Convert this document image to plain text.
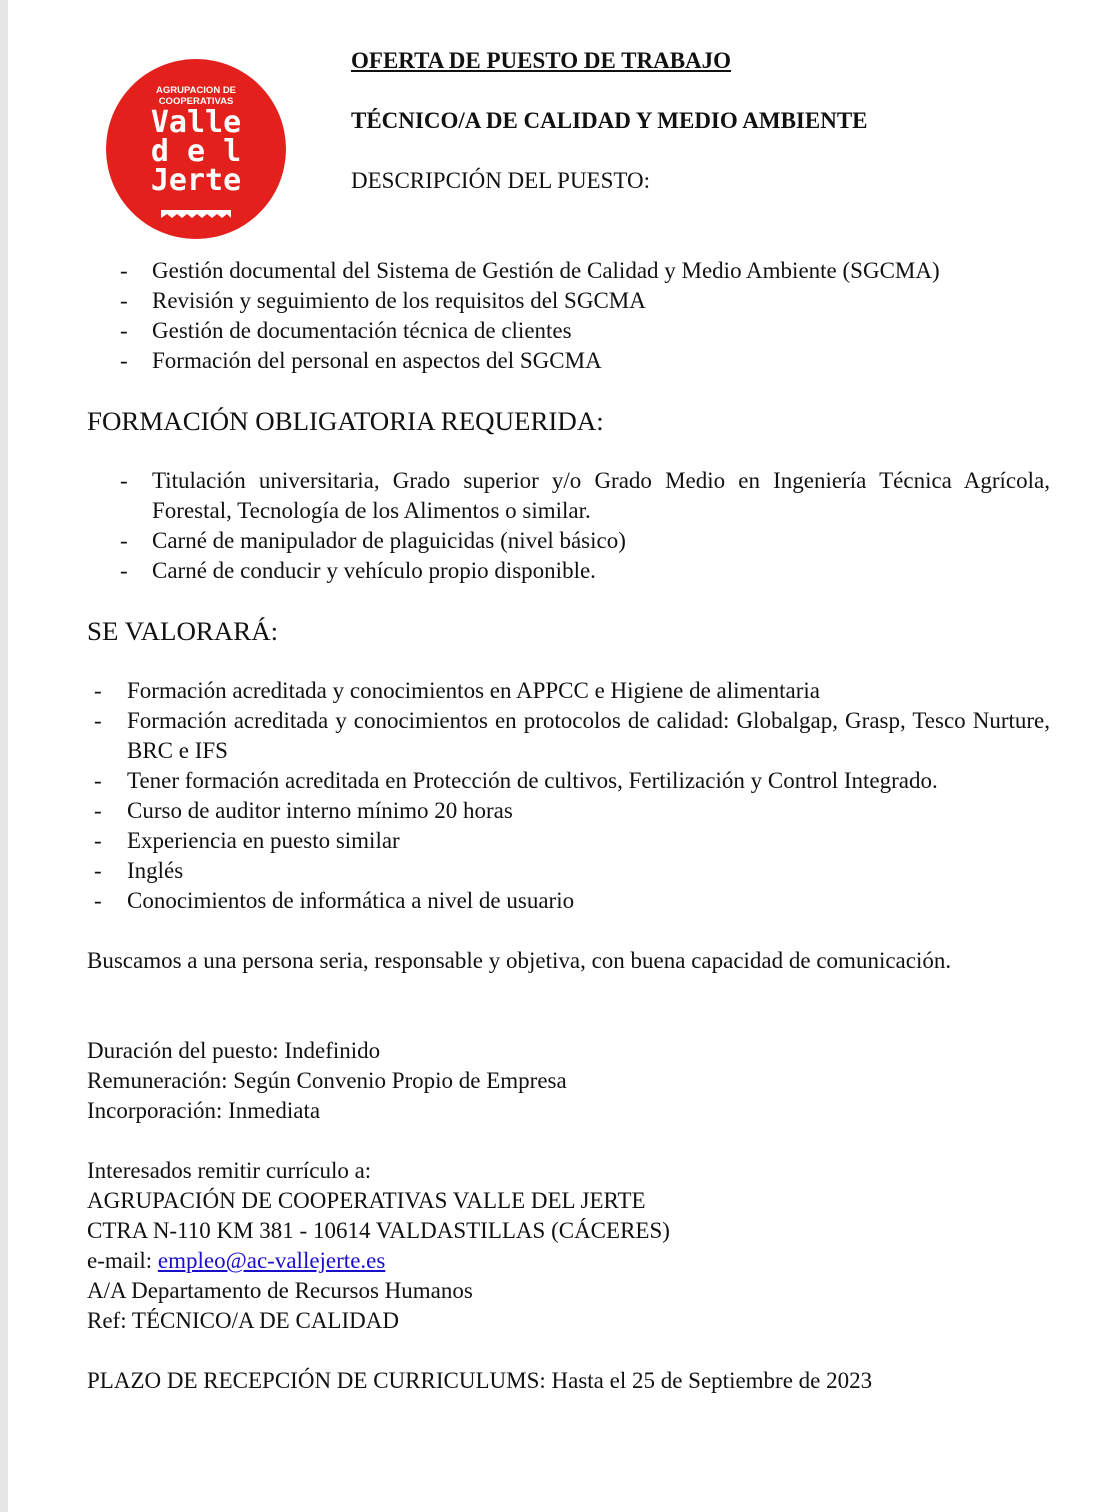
AGRUPACION DE
COOPERATIVAS
Valle
d e l
Jerte
OFERTA DE PUESTO DE TRABAJO
TÉCNICO/A DE CALIDAD Y MEDIO AMBIENTE
DESCRIPCIÓN DEL PUESTO:
- Gestión documental del Sistema de Gestión de Calidad y Medio Ambiente (SGCMA)
- Revisión y seguimiento de los requisitos del SGCMA
- Gestión de documentación técnica de clientes
- Formación del personal en aspectos del SGCMA
FORMACIÓN OBLIGATORIA REQUERIDA:
- Titulación universitaria, Grado superior y/o Grado Medio en Ingeniería Técnica Agrícola, Forestal, Tecnología de los Alimentos o similar.
- Carné de manipulador de plaguicidas (nivel básico)
- Carné de conducir y vehículo propio disponible.
SE VALORARÁ:
- Formación acreditada y conocimientos en APPCC e Higiene de alimentaria
- Formación acreditada y conocimientos en protocolos de calidad: Globalgap, Grasp, Tesco Nurture, BRC e IFS
- Tener formación acreditada en Protección de cultivos, Fertilización y Control Integrado.
- Curso de auditor interno mínimo 20 horas
- Experiencia en puesto similar
- Inglés
- Conocimientos de informática a nivel de usuario

Buscamos a una persona seria, responsable y objetiva, con buena capacidad de comunicación.

Duración del puesto: Indefinido
Remuneración: Según Convenio Propio de Empresa
Incorporación: Inmediata
Interesados remitir currículo a:
AGRUPACIÓN DE COOPERATIVAS VALLE DEL JERTE
CTRA N-110 KM 381 - 10614 VALDASTILLAS (CÁCERES)
e-mail: empleo@ac-vallejerte.es
A/A Departamento de Recursos Humanos
Ref: TÉCNICO/A DE CALIDAD
PLAZO DE RECEPCIÓN DE CURRICULUMS: Hasta el 25 de Septiembre de 2023
